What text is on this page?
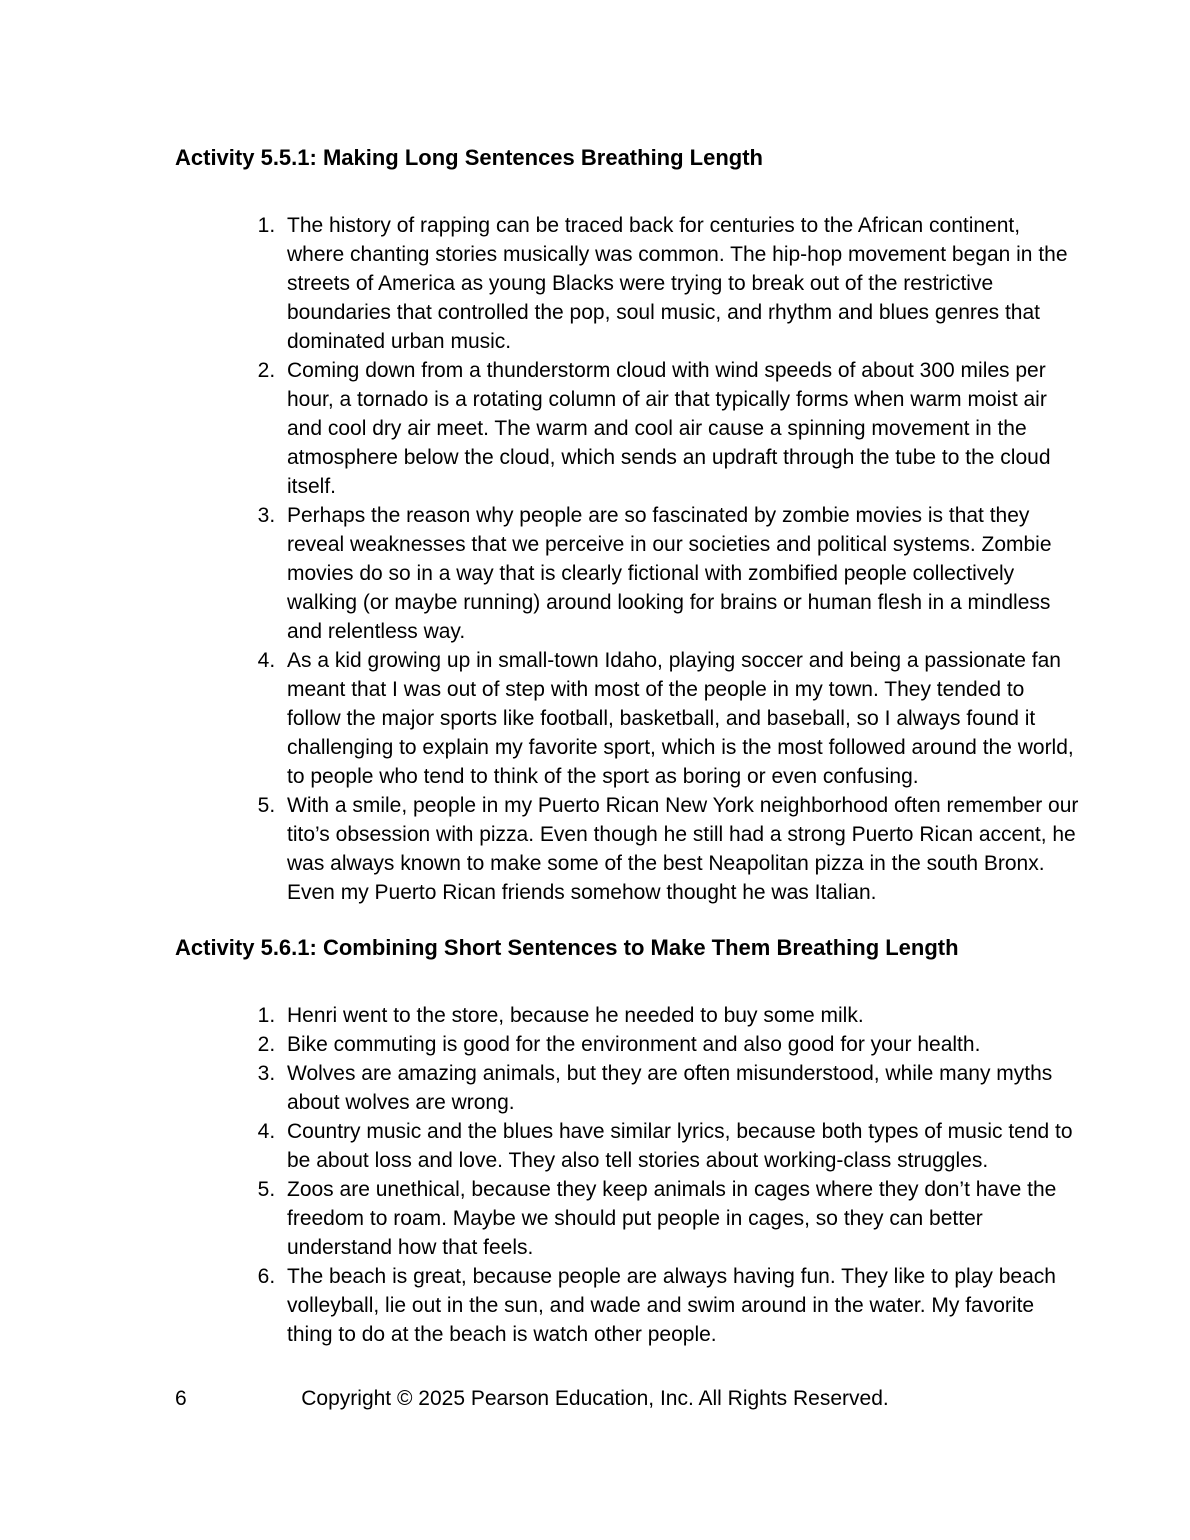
Activity 5.5.1: Making Long Sentences Breathing Length
1. The history of rapping can be traced back for centuries to the African continent, where chanting stories musically was common. The hip-hop movement began in the streets of America as young Blacks were trying to break out of the restrictive boundaries that controlled the pop, soul music, and rhythm and blues genres that dominated urban music.
2. Coming down from a thunderstorm cloud with wind speeds of about 300 miles per hour, a tornado is a rotating column of air that typically forms when warm moist air and cool dry air meet. The warm and cool air cause a spinning movement in the atmosphere below the cloud, which sends an updraft through the tube to the cloud itself.
3. Perhaps the reason why people are so fascinated by zombie movies is that they reveal weaknesses that we perceive in our societies and political systems. Zombie movies do so in a way that is clearly fictional with zombified people collectively walking (or maybe running) around looking for brains or human flesh in a mindless and relentless way.
4. As a kid growing up in small-town Idaho, playing soccer and being a passionate fan meant that I was out of step with most of the people in my town. They tended to follow the major sports like football, basketball, and baseball, so I always found it challenging to explain my favorite sport, which is the most followed around the world, to people who tend to think of the sport as boring or even confusing.
5. With a smile, people in my Puerto Rican New York neighborhood often remember our tito’s obsession with pizza. Even though he still had a strong Puerto Rican accent, he was always known to make some of the best Neapolitan pizza in the south Bronx. Even my Puerto Rican friends somehow thought he was Italian.
Activity 5.6.1: Combining Short Sentences to Make Them Breathing Length
1. Henri went to the store, because he needed to buy some milk.
2. Bike commuting is good for the environment and also good for your health.
3. Wolves are amazing animals, but they are often misunderstood, while many myths about wolves are wrong.
4. Country music and the blues have similar lyrics, because both types of music tend to be about loss and love. They also tell stories about working-class struggles.
5. Zoos are unethical, because they keep animals in cages where they don’t have the freedom to roam. Maybe we should put people in cages, so they can better understand how that feels.
6. The beach is great, because people are always having fun. They like to play beach volleyball, lie out in the sun, and wade and swim around in the water. My favorite thing to do at the beach is watch other people.
6	Copyright © 2025 Pearson Education, Inc. All Rights Reserved.
